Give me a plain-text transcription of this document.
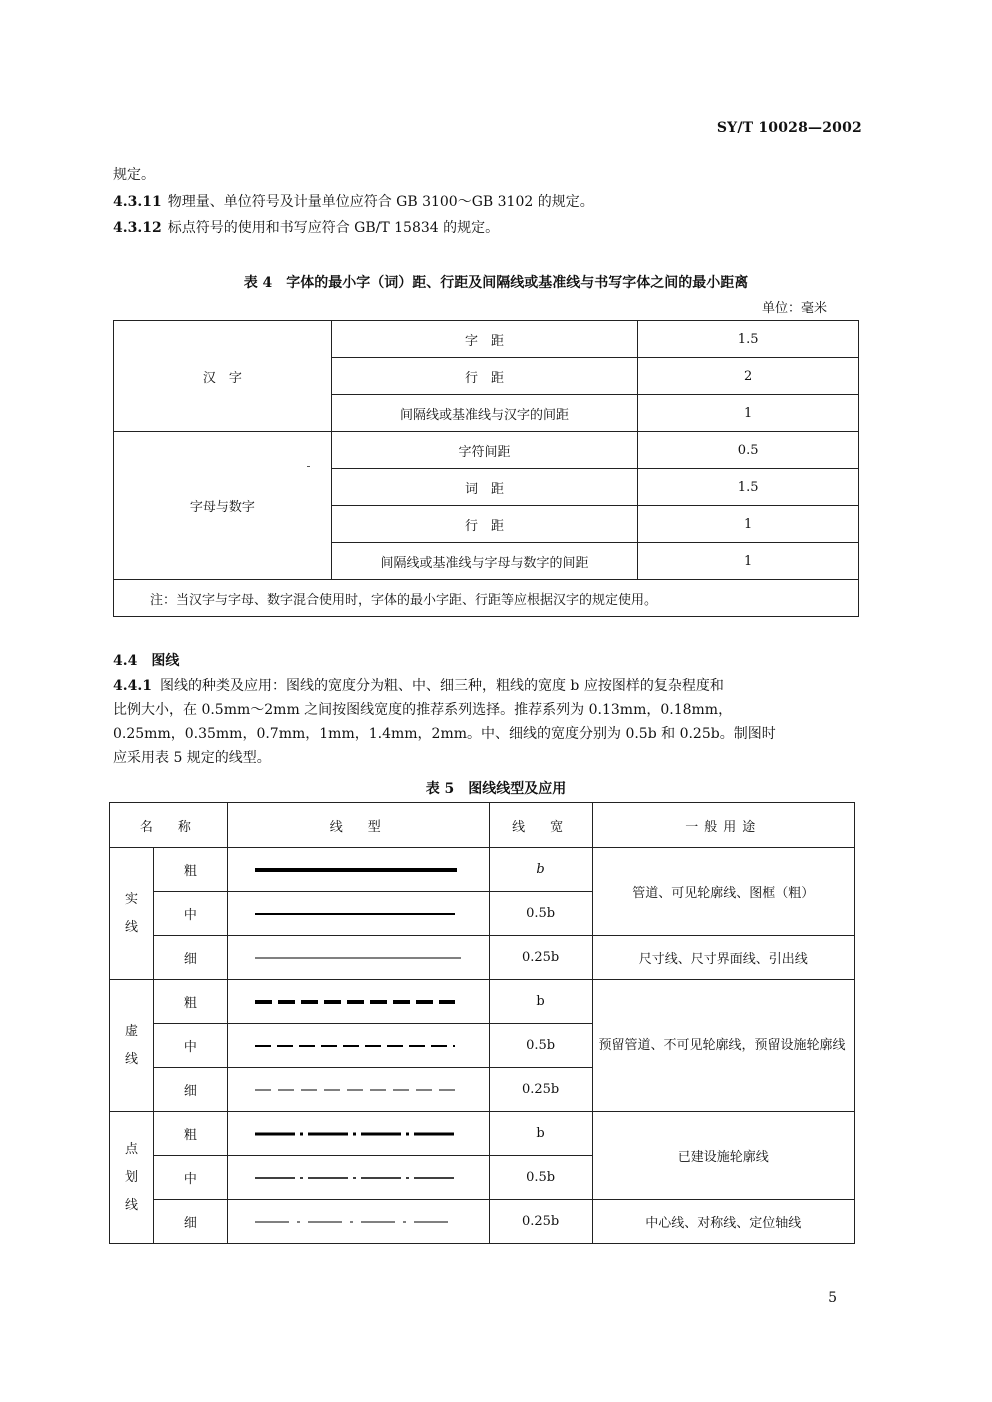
SY/T 10028—2002
规定。
4.3.11 物理量、单位符号及计量单位应符合 GB 3100～GB 3102 的规定。
4.3.12 标点符号的使用和书写应符合 GB/T 15834 的规定。
表 4　字体的最小字（词）距、行距及间隔线或基准线与书写字体之间的最小距离
单位：毫米
汉　字	字　距	1.5
	行　距	2
	间隔线或基准线与汉字的间距	1
字母与数字	字符间距	0.5
	词　距	1.5
	行　距	1
	间隔线或基准线与字母与数字的间距	1
注：当汉字与字母、数字混合使用时，字体的最小字距、行距等应根据汉字的规定使用。		
4.4　图线
4.4.1 图线的种类及应用：图线的宽度分为粗、中、细三种，粗线的宽度 b 应按图样的复杂程度和
比例大小，在 0.5mm～2mm 之间按图线宽度的推荐系列选择。推荐系列为 0.13mm，0.18mm，
0.25mm，0.35mm，0.7mm，1mm，1.4mm，2mm。中、细线的宽度分别为 0.5b 和 0.25b。制图时
应采用表 5 规定的线型。
表 5　图线线型及应用
名　称		线　型	线　宽	一般用途
实线	粗		b	管道、可见轮廓线、图框（粗）
	中		0.5b	
	细		0.25b	尺寸线、尺寸界面线、引出线
虚线	粗		b	预留管道、不可见轮廓线，预留设施轮廓线
	中		0.5b	
	细		0.25b	
点划线	粗		b	已建设施轮廓线
	中		0.5b	
	细		0.25b	中心线、对称线、定位轴线
5
